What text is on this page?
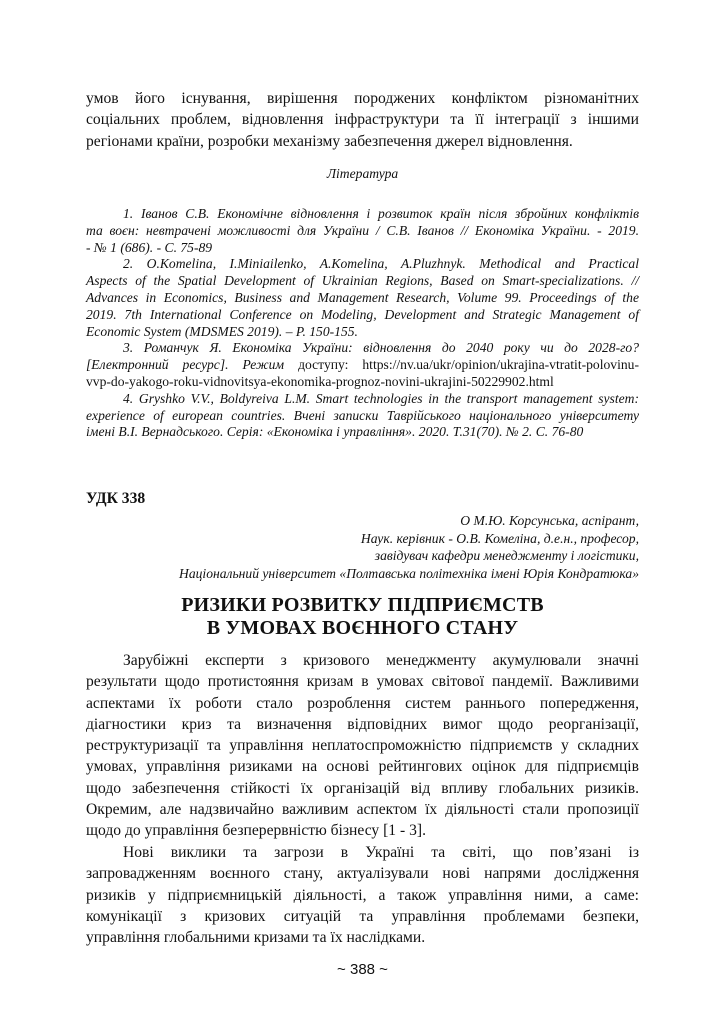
умов його існування, вирішення породжених конфліктом різноманітних
соціальних проблем, відновлення інфраструктури та її інтеграції з іншими
регіонами країни, розробки механізму забезпечення джерел відновлення.
Література
1. Іванов С.В. Економічне відновлення і розвиток країн після збройних конфліктів
та воєн: невтрачені можливості для України / С.В. Іванов // Економіка України. - 2019.
- № 1 (686). - С. 75-89
2. O.Komelina, I.Miniailenko, A.Komelina, A.Pluzhnyk. Methodical and Practical
Aspects of the Spatial Development of Ukrainian Regions, Based on Smart-specializations. //
Advances in Economics, Business and Management Research, Volume 99. Proceedings of the
2019. 7th International Conference on Modeling, Development and Strategic Management of
Economic System (MDSMES 2019). – P. 150-155.
3. Романчук Я. Економіка України: відновлення до 2040 року чи до 2028-го?
[Електронний ресурс]. Режим доступу: https://nv.ua/ukr/opinion/ukrajina-vtratit-polovinu-
vvp-do-yakogo-roku-vidnovitsya-ekonomika-prognoz-novini-ukrajini-50229902.html
4. Gryshko V.V., Boldyreiva L.M. Smart technologies in the transport management system:
experience of european countries. Вчені записки Таврійського національного університету
імені В.І. Вернадського. Серія: «Економіка і управління». 2020. Т.31(70). № 2. С. 76-80
УДК 338
О М.Ю. Корсунська, аспірант,
Наук. керівник - О.В. Комеліна, д.е.н., професор,
завідувач кафедри менеджменту і логістики,
Національний університет «Полтавська політехніка імені Юрія Кондратюка»
РИЗИКИ РОЗВИТКУ ПІДПРИЄМСТВ
В УМОВАХ ВОЄННОГО СТАНУ
Зарубіжні експерти з кризового менеджменту акумулювали значні
результати щодо протистояння кризам в умовах світової пандемії. Важливими
аспектами їх роботи стало розроблення систем раннього попередження,
діагностики криз та визначення відповідних вимог щодо реорганізації,
реструктуризації та управління неплатоспроможністю підприємств у складних
умовах, управління ризиками на основі рейтингових оцінок для підприємців
щодо забезпечення стійкості їх організацій від впливу глобальних ризиків.
Окремим, але надзвичайно важливим аспектом їх діяльності стали пропозиції
щодо до управління безперервністю бізнесу [1 - 3].
Нові виклики та загрози в Україні та світі, що пов’язані із
запровадженням воєнного стану, актуалізували нові напрями дослідження
ризиків у підприємницькій діяльності, а також управління ними, а саме:
комунікації з кризових ситуацій та управління проблемами безпеки,
управління глобальними кризами та їх наслідками.
~ 388 ~
